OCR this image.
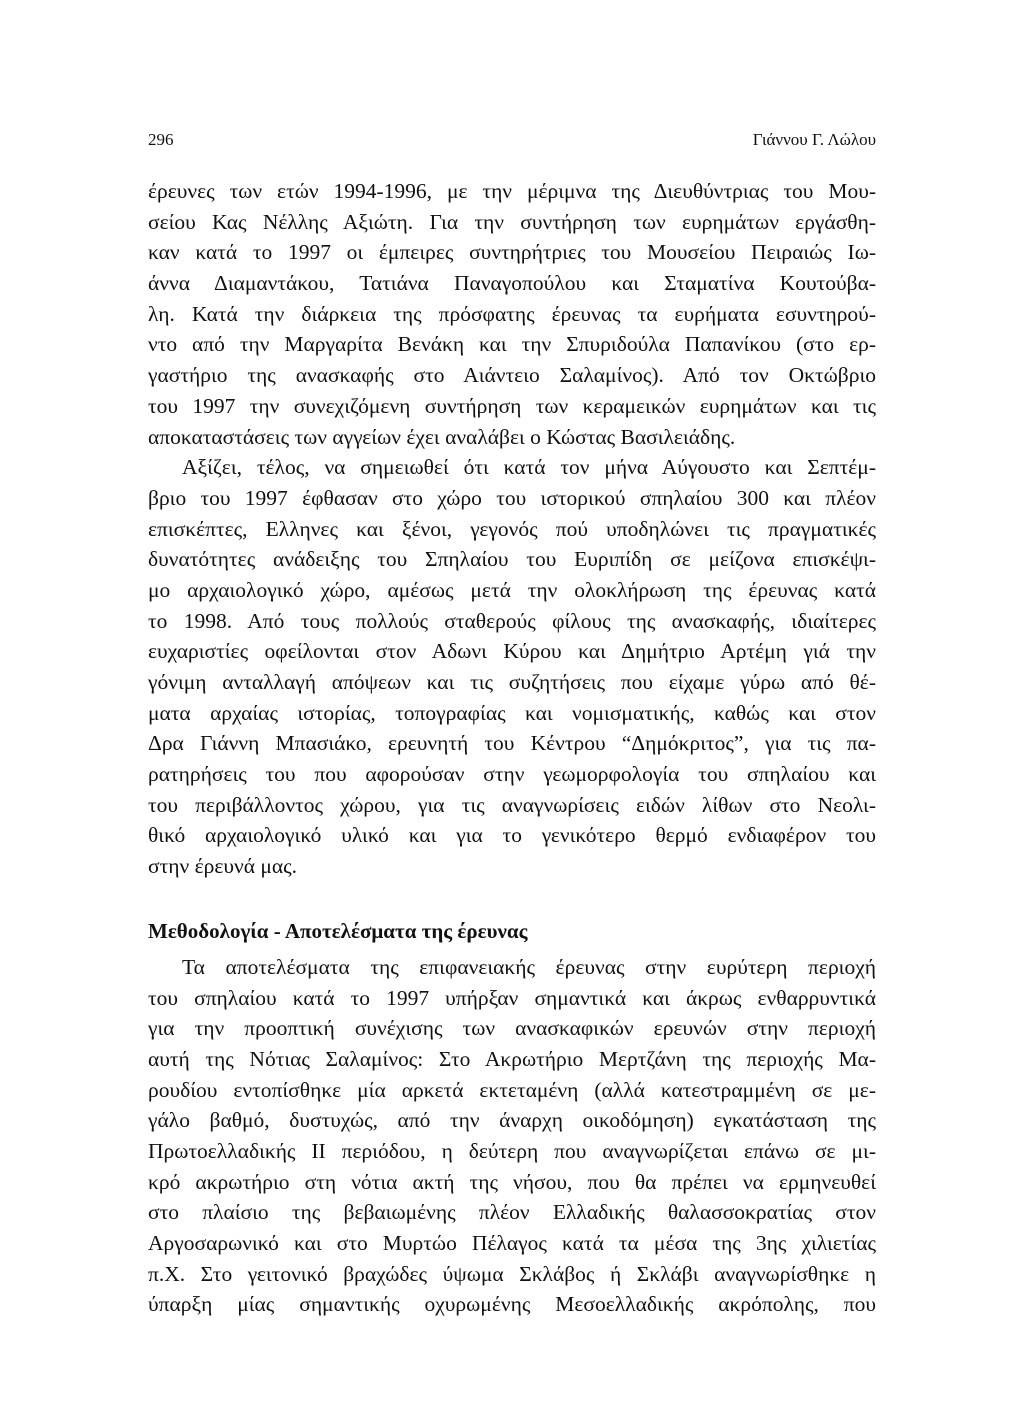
296	Γιάννου Γ. Λώλου
έρευνες των ετών 1994-1996, με την μέριμνα της Διευθύντριας του Μου-
σείου Κας Νέλλης Αξιώτη. Για την συντήρηση των ευρημάτων εργάσθη-
καν κατά το 1997 οι έμπειρες συντηρήτριες του Μουσείου Πειραιώς Ιω-
άννα Διαμαντάκου, Τατιάνα Παναγοπούλου και Σταματίνα Κουτούβα-
λη. Κατά την διάρκεια της πρόσφατης έρευνας τα ευρήματα εσυντηρού-
ντο από την Μαργαρίτα Βενάκη και την Σπυριδούλα Παπανίκου (στο ερ-
γαστήριο της ανασκαφής στο Αιάντειο Σαλαμίνος). Από τον Οκτώβριο
του 1997 την συνεχιζόμενη συντήρηση των κεραμεικών ευρημάτων και τις
αποκαταστάσεις των αγγείων έχει αναλάβει ο Κώστας Βασιλειάδης.
Αξίζει, τέλος, να σημειωθεί ότι κατά τον μήνα Αύγουστο και Σεπτέμ-
βριο του 1997 έφθασαν στο χώρο του ιστορικού σπηλαίου 300 και πλέον
επισκέπτες, Ελληνες και ξένοι, γεγονός πού υποδηλώνει τις πραγματικές
δυνατότητες ανάδειξης του Σπηλαίου του Ευριπίδη σε μείζονα επισκέψι-
μο αρχαιολογικό χώρο, αμέσως μετά την ολοκλήρωση της έρευνας κατά
το 1998. Από τους πολλούς σταθερούς φίλους της ανασκαφής, ιδιαίτερες
ευχαριστίες οφείλονται στον Αδωνι Κύρου και Δημήτριο Αρτέμη γιά την
γόνιμη ανταλλαγή απόψεων και τις συζητήσεις που είχαμε γύρω από θέ-
ματα αρχαίας ιστορίας, τοπογραφίας και νομισματικής, καθώς και στον
Δρα Γιάννη Μπασιάκο, ερευνητή του Κέντρου “Δημόκριτος”, για τις πα-
ρατηρήσεις του που αφορούσαν στην γεωμορφολογία του σπηλαίου και
του περιβάλλοντος χώρου, για τις αναγνωρίσεις ειδών λίθων στο Νεολι-
θικό αρχαιολογικό υλικό και για το γενικότερο θερμό ενδιαφέρον του
στην έρευνά μας.
Μεθοδολογία - Αποτελέσματα της έρευνας
Τα αποτελέσματα της επιφανειακής έρευνας στην ευρύτερη περιοχή
του σπηλαίου κατά το 1997 υπήρξαν σημαντικά και άκρως ενθαρρυντικά
για την προοπτική συνέχισης των ανασκαφικών ερευνών στην περιοχή
αυτή της Νότιας Σαλαμίνος: Στο Ακρωτήριο Μερτζάνη της περιοχής Μα-
ρουδίου εντοπίσθηκε μία αρκετά εκτεταμένη (αλλά κατεστραμμένη σε με-
γάλο βαθμό, δυστυχώς, από την άναρχη οικοδόμηση) εγκατάσταση της
Πρωτοελλαδικής ΙΙ περιόδου, η δεύτερη που αναγνωρίζεται επάνω σε μι-
κρό ακρωτήριο στη νότια ακτή της νήσου, που θα πρέπει να ερμηνευθεί
στο πλαίσιο της βεβαιωμένης πλέον Ελλαδικής θαλασσοκρατίας στον
Αργοσαρωνικό και στο Μυρτώο Πέλαγος κατά τα μέσα της 3ης χιλιετίας
π.Χ. Στο γειτονικό βραχώδες ύψωμα Σκλάβος ή Σκλάβι αναγνωρίσθηκε η
ύπαρξη μίας σημαντικής οχυρωμένης Μεσοελλαδικής ακρόπολης, που
